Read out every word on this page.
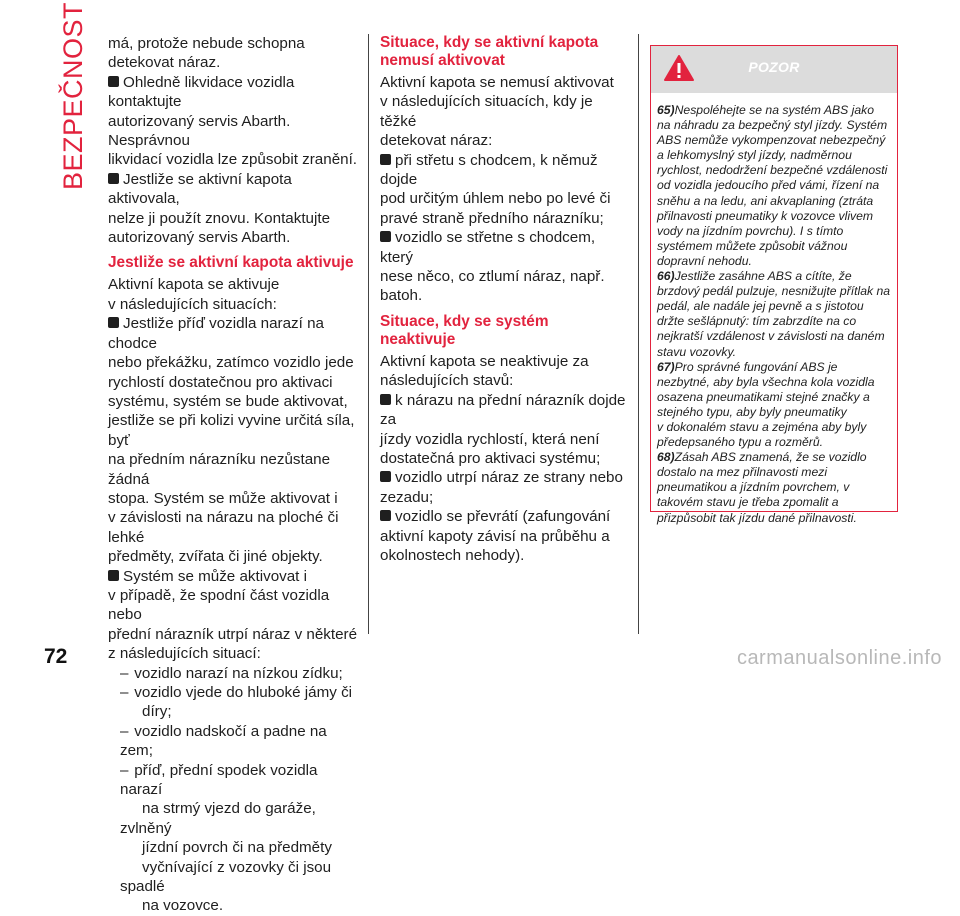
BEZPEČNOST má, protože nebude schopna

detekovat náraz.

Ohledně likvidace vozidla kontaktujte

autorizovaný servis Abarth. Nesprávnou

likvidací vozidla lze způsobit zranění.

Jestliže se aktivní kapota aktivovala,

nelze ji použít znovu. Kontaktujte

autorizovaný servis Abarth.

Jestliže se aktivní kapota aktivuje

Aktivní kapota se aktivuje

v následujících situacích:

Jestliže příď vozidla narazí na chodce

nebo překážku, zatímco vozidlo jede

rychlostí dostatečnou pro aktivaci

systému, systém se bude aktivovat,

jestliže se při kolizi vyvine určitá síla, byť

na předním nárazníku nezůstane žádná

stopa. Systém se může aktivovat i

v závislosti na nárazu na ploché či lehké

předměty, zvířata či jiné objekty.

Systém se může aktivovat i

v případě, že spodní část vozidla nebo

přední nárazník utrpí náraz v některé

z následujících situací:

– vozidlo narazí na nízkou zídku;

– vozidlo vjede do hluboké jámy či

díry;

– vozidlo nadskočí a padne na zem;

– příď, přední spodek vozidla narazí

na strmý vjezd do garáže, zvlněný

jízdní povrch či na předměty

vyčnívající z vozovky či jsou spadlé

na vozovce.

Situace, kdy se aktivní kapota
nemusí aktivovat

Aktivní kapota se nemusí aktivovat

v následujících situacích, kdy je těžké

detekovat náraz:

při střetu s chodcem, k němuž dojde

pod určitým úhlem nebo po levé či

pravé straně předního nárazníku;

vozidlo se střetne s chodcem, který

nese něco, co ztlumí náraz, např.

batoh.

Situace, kdy se systém neaktivuje

Aktivní kapota se neaktivuje za

následujících stavů:

k nárazu na přední nárazník dojde za

jízdy vozidla rychlostí, která není

dostatečná pro aktivaci systému;

vozidlo utrpí náraz ze strany nebo

zezadu;

vozidlo se převrátí (zafungování

aktivní kapoty závisí na průběhu a

okolnostech nehody).

POZOR

65)Nespoléhejte se na systém ABS jako

na náhradu za bezpečný styl jízdy. Systém

ABS nemůže vykompenzovat nebezpečný

a lehkomyslný styl jízdy, nadměrnou

rychlost, nedodržení bezpečné vzdálenosti

od vozidla jedoucího před vámi, řízení na

sněhu a na ledu, ani akvaplaning (ztráta

přilnavosti pneumatiky k vozovce vlivem

vody na jízdním povrchu). I s tímto

systémem můžete způsobit vážnou

dopravní nehodu.

66)Jestliže zasáhne ABS a cítíte, že

brzdový pedál pulzuje, nesnižujte přítlak na

pedál, ale nadále jej pevně a s jistotou

držte sešlápnutý: tím zabrzdíte na co

nejkratší vzdálenost v závislosti na daném

stavu vozovky.

67)Pro správné fungování ABS je

nezbytné, aby byla všechna kola vozidla

osazena pneumatikami stejné značky a

stejného typu, aby byly pneumatiky

v dokonalém stavu a zejména aby byly

předepsaného typu a rozměrů.

68)Zásah ABS znamená, že se vozidlo

dostalo na mez přilnavosti mezi

pneumatikou a jízdním povrchem, v

takovém stavu je třeba zpomalit a

přizpůsobit tak jízdu dané přilnavosti.

72	carmanualsonline.info
